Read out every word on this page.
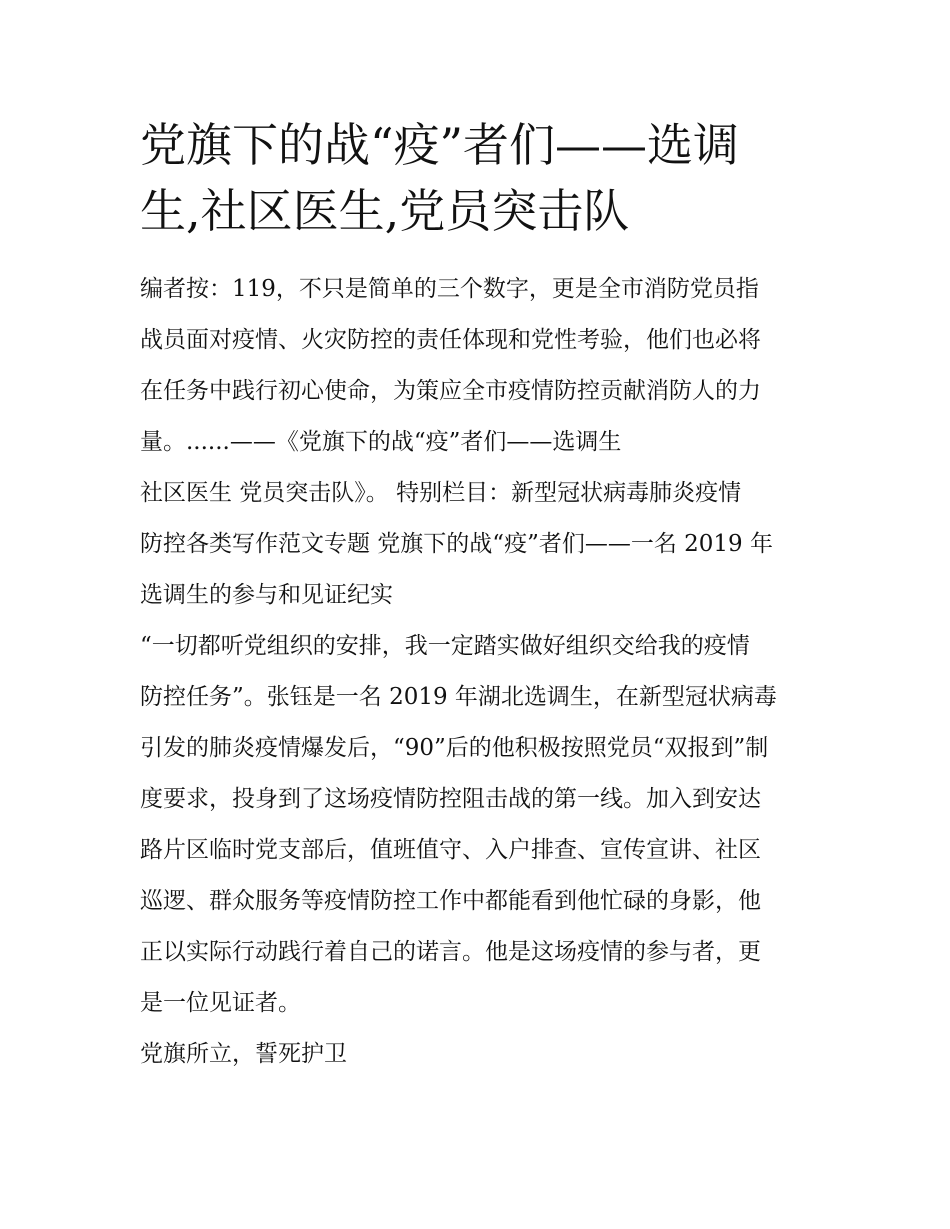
党旗下的战“疫”者们——选调
生,社区医生,党员突击队
编者按：119，不只是简单的三个数字，更是全市消防党员指
战员面对疫情、火灾防控的责任体现和党性考验，他们也必将
在任务中践行初心使命，为策应全市疫情防控贡献消防人的力
量。......——《党旗下的战“疫”者们——选调生
社区医生 党员突击队》。 特别栏目：新型冠状病毒肺炎疫情
防控各类写作范文专题 党旗下的战“疫”者们——一名 2019 年
选调生的参与和见证纪实
“一切都听党组织的安排，我一定踏实做好组织交给我的疫情
防控任务”。张钰是一名 2019 年湖北选调生，在新型冠状病毒
引发的肺炎疫情爆发后，“90”后的他积极按照党员“双报到”制
度要求，投身到了这场疫情防控阻击战的第一线。加入到安达
路片区临时党支部后，值班值守、入户排查、宣传宣讲、社区
巡逻、群众服务等疫情防控工作中都能看到他忙碌的身影，他
正以实际行动践行着自己的诺言。他是这场疫情的参与者，更
是一位见证者。
党旗所立，誓死护卫
